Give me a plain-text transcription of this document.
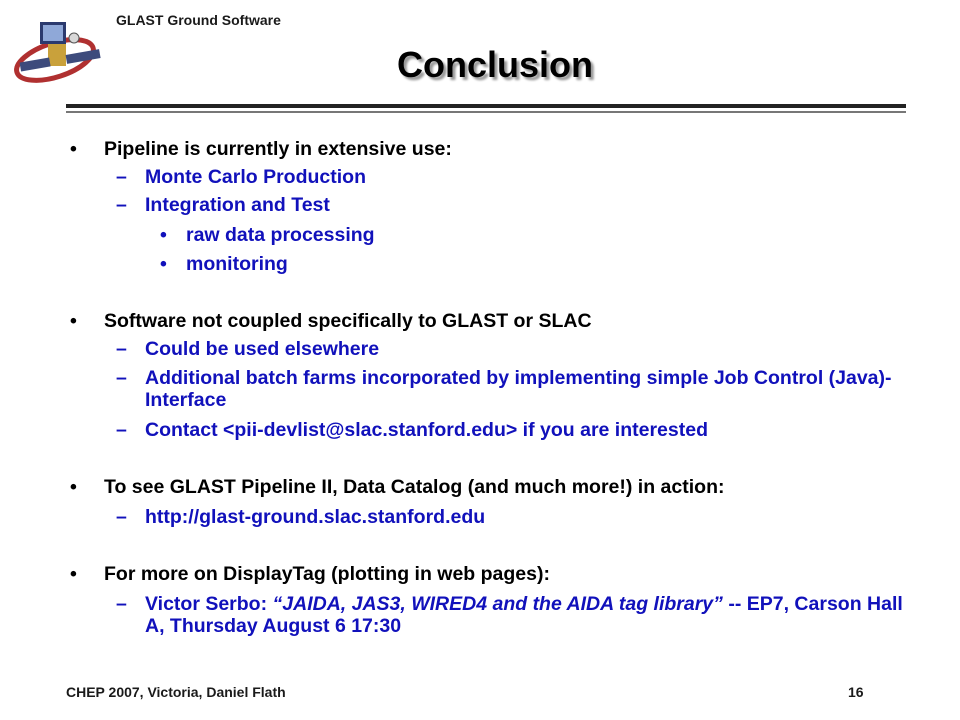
GLAST Ground Software
Conclusion
• Pipeline is currently in extensive use:
– Monte Carlo Production
– Integration and Test
• raw data processing
• monitoring
• Software not coupled specifically to GLAST or SLAC
– Could be used elsewhere
– Additional batch farms incorporated by implementing simple Job Control (Java)-Interface
– Contact <pii-devlist@slac.stanford.edu> if you are interested
• To see GLAST Pipeline II, Data Catalog (and much more!) in action:
– http://glast-ground.slac.stanford.edu
• For more on DisplayTag (plotting in web pages):
– Victor Serbo: “JAIDA, JAS3, WIRED4 and the AIDA tag library” -- EP7, Carson Hall A, Thursday August 6 17:30
CHEP 2007, Victoria, Daniel Flath	16
